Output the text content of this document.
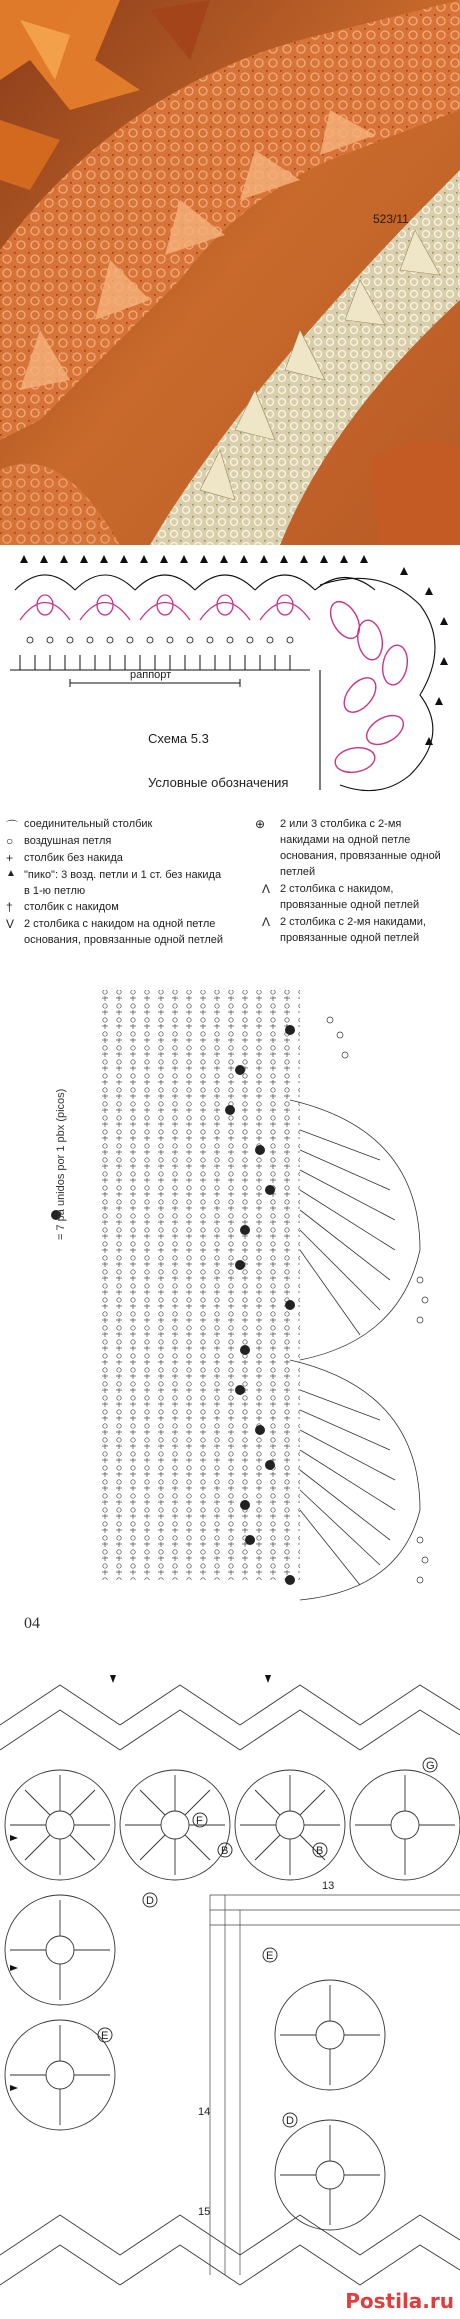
523/11
раппорт
Схема 5.3
Условные обозначения
⌒ соединительный столбик
○ воздушная петля
+ столбик без накида
▲ "пико": 3 возд. петли и 1 ст. без накида
в 1-ю петлю
† столбик с накидом
V 2 столбика с накидом на одной петле
основания, провязанные одной петлей
⊕ 2 или 3 столбика с 2-мя
накидами на одной петле
основания, провязанные одной
петлей
Λ 2 столбика с накидом,
провязанные одной петлей
Λ 2 столбика с 2-мя накидами,
провязанные одной петлей
= 7 pa unidos por 1 pbx (picos)
04
B	B
D
E
F
G
E
D
13
14
15
Postila.ru
